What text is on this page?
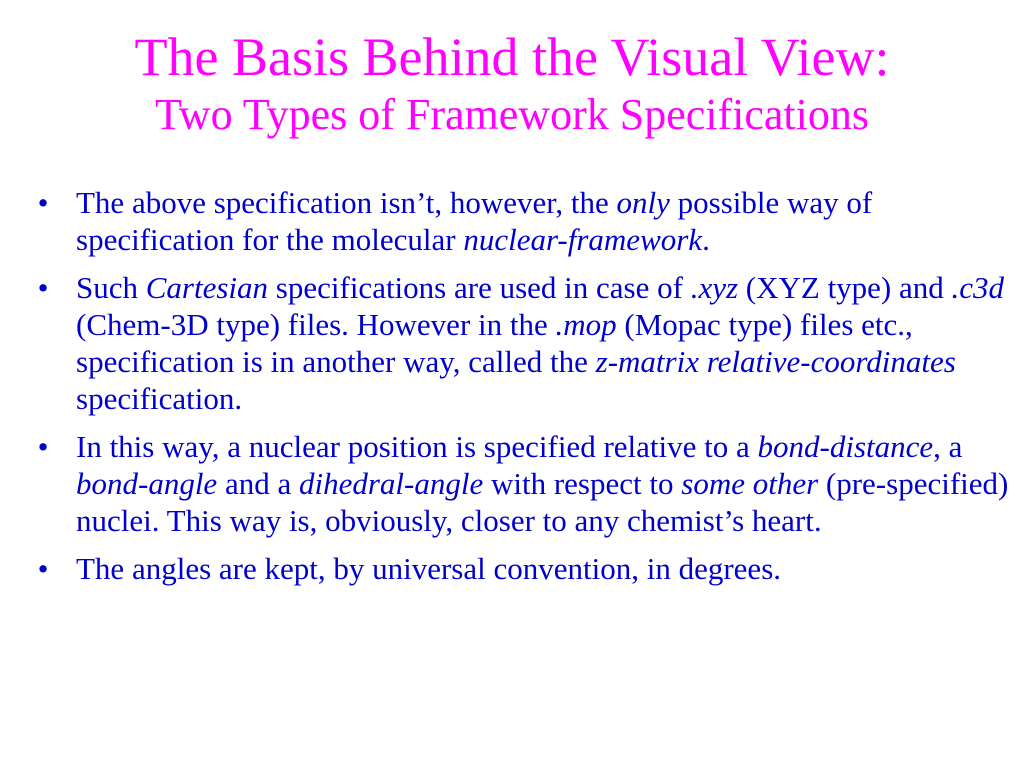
The Basis Behind the Visual View:
Two Types of Framework Specifications
• The above specification isn’t, however, the only possible way of specification for the molecular nuclear-framework.
• Such Cartesian specifications are used in case of .xyz (XYZ type) and .c3d (Chem-3D type) files. However in the .mop (Mopac type) files etc., specification is in another way, called the z-matrix relative-coordinates specification.
• In this way, a nuclear position is specified relative to a bond-distance, a bond-angle and a dihedral-angle with respect to some other (pre-specified) nuclei. This way is, obviously, closer to any chemist’s heart.
• The angles are kept, by universal convention, in degrees.
